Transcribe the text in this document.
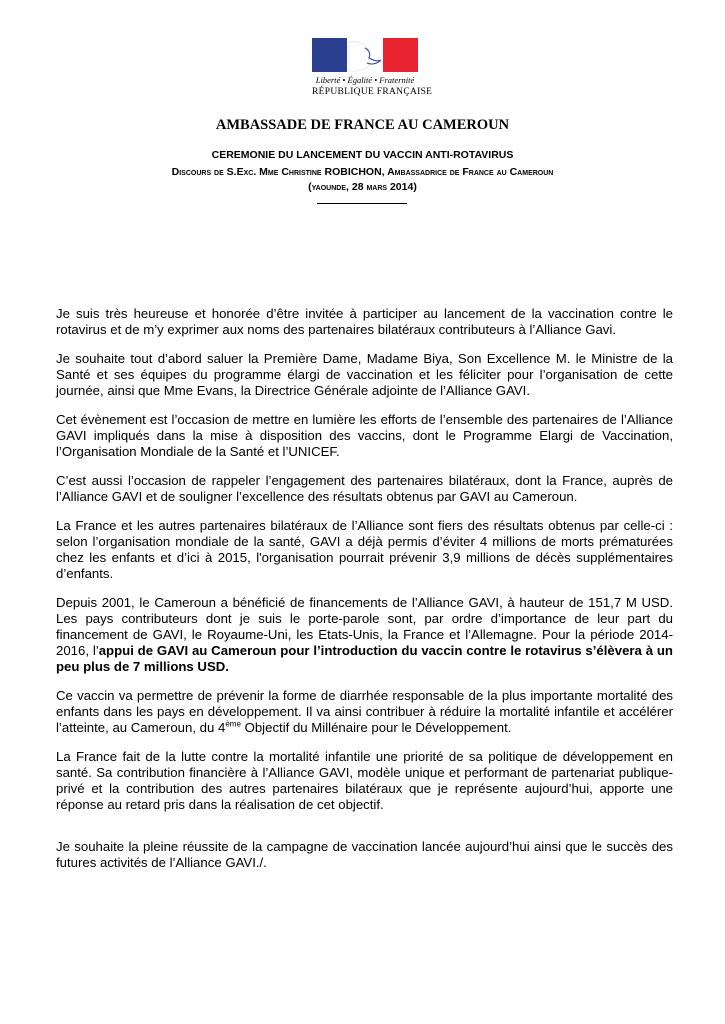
Liberté • Égalité • Fraternité
RÉPUBLIQUE FRANÇAISE
AMBASSADE DE FRANCE AU CAMEROUN
CEREMONIE DU LANCEMENT DU VACCIN ANTI-ROTAVIRUS
Discours de S.Exc. Mme Christine ROBICHON, Ambassadrice de France au Cameroun
(yaounde, 28 mars 2014)

Je suis très heureuse et honorée d’être invitée à participer au lancement de la vaccination contre le rotavirus et de m’y exprimer aux noms des partenaires bilatéraux contributeurs à l’Alliance Gavi.

Je souhaite tout d’abord saluer la Première Dame, Madame Biya, Son Excellence M. le Ministre de la Santé et ses équipes du programme élargi de vaccination et les féliciter pour l’organisation de cette journée, ainsi que Mme Evans, la Directrice Générale adjointe de l’Alliance GAVI.

Cet évènement est l’occasion de mettre en lumière les efforts de l’ensemble des partenaires de l’Alliance GAVI impliqués dans la mise à disposition des vaccins, dont le Programme Elargi de Vaccination, l’Organisation Mondiale de la Santé et l’UNICEF.

C’est aussi l’occasion de rappeler l’engagement des partenaires bilatéraux, dont la France, auprès de l’Alliance GAVI et de souligner l’excellence des résultats obtenus par GAVI au Cameroun.

La France et les autres partenaires bilatéraux de l’Alliance sont fiers des résultats obtenus par celle-ci : selon l’organisation mondiale de la santé, GAVI a déjà permis d’éviter 4 millions de morts prématurées chez les enfants et d’ici à 2015, l'organisation pourrait prévenir 3,9 millions de décès supplémentaires d’enfants.

Depuis 2001, le Cameroun a bénéficié de financements de l’Alliance GAVI, à hauteur de 151,7 M USD. Les pays contributeurs dont je suis le porte-parole sont, par ordre d’importance de leur part du financement de GAVI, le Royaume-Uni, les Etats-Unis, la France et l’Allemagne. Pour la période 2014-2016, l’appui de GAVI au Cameroun pour l’introduction du vaccin contre le rotavirus s’élèvera à un peu plus de 7 millions USD.

Ce vaccin va permettre de prévenir la forme de diarrhée responsable de la plus importante mortalité des enfants dans les pays en développement. Il va ainsi contribuer à réduire la mortalité infantile et accélérer l’atteinte, au Cameroun, du 4ème Objectif du Millénaire pour le Développement.

La France fait de la lutte contre la mortalité infantile une priorité de sa politique de développement en santé. Sa contribution financière à l’Alliance GAVI, modèle unique et performant de partenariat publique-privé et la contribution des autres partenaires bilatéraux que je représente aujourd’hui, apporte une réponse au retard pris dans la réalisation de cet objectif.

Je souhaite la pleine réussite de la campagne de vaccination lancée aujourd’hui ainsi que le succès des futures activités de l’Alliance GAVI./.
